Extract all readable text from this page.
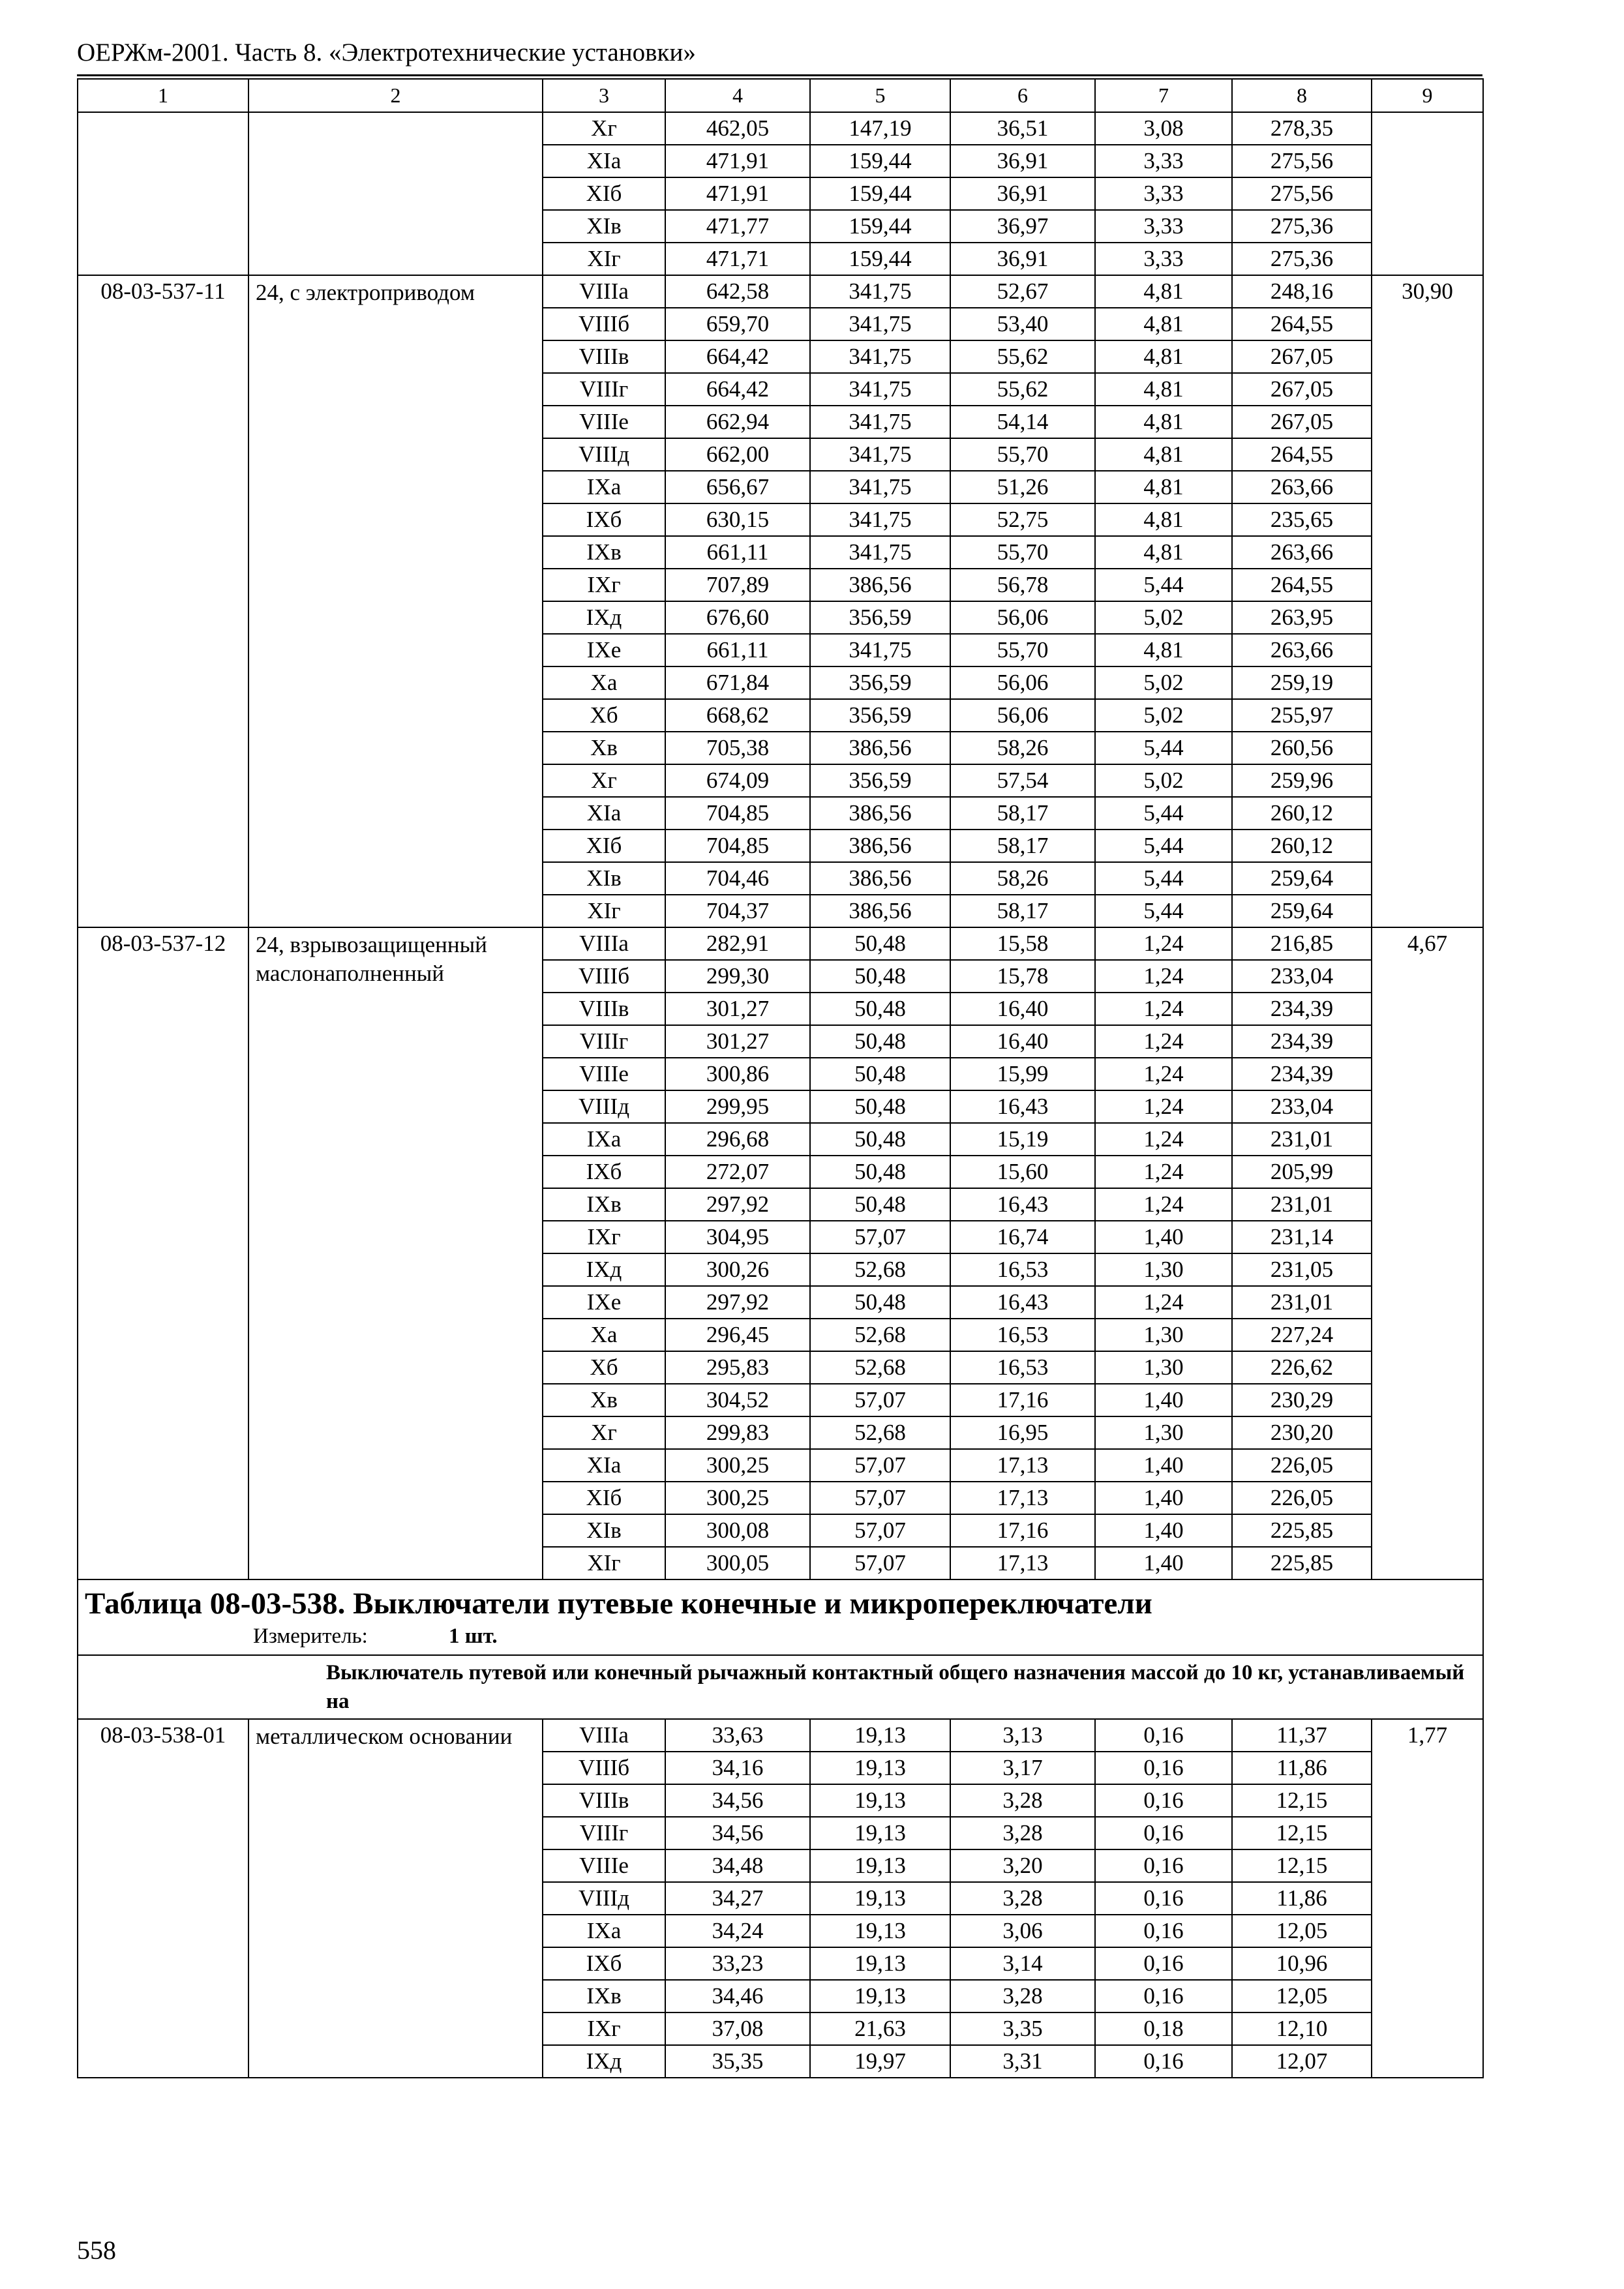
ОЕРЖм-2001. Часть 8. «Электротехнические установки»
1	2	3	4	5	6	7	8	9
		Xг	462,05	147,19	36,51	3,08	278,35	
		XIа	471,91	159,44	36,91	3,33	275,56	
		XIб	471,91	159,44	36,91	3,33	275,56	
		XIв	471,77	159,44	36,97	3,33	275,36	
		XIг	471,71	159,44	36,91	3,33	275,36	
08-03-537-11	24, с электроприводом	VIIIа	642,58	341,75	52,67	4,81	248,16	30,90
		VIIIб	659,70	341,75	53,40	4,81	264,55	
		VIIIв	664,42	341,75	55,62	4,81	267,05	
		VIIIг	664,42	341,75	55,62	4,81	267,05	
		VIIIе	662,94	341,75	54,14	4,81	267,05	
		VIIIд	662,00	341,75	55,70	4,81	264,55	
		IXа	656,67	341,75	51,26	4,81	263,66	
		IXб	630,15	341,75	52,75	4,81	235,65	
		IXв	661,11	341,75	55,70	4,81	263,66	
		IXг	707,89	386,56	56,78	5,44	264,55	
		IXд	676,60	356,59	56,06	5,02	263,95	
		IXе	661,11	341,75	55,70	4,81	263,66	
		Xа	671,84	356,59	56,06	5,02	259,19	
		Xб	668,62	356,59	56,06	5,02	255,97	
		Xв	705,38	386,56	58,26	5,44	260,56	
		Xг	674,09	356,59	57,54	5,02	259,96	
		XIа	704,85	386,56	58,17	5,44	260,12	
		XIб	704,85	386,56	58,17	5,44	260,12	
		XIв	704,46	386,56	58,26	5,44	259,64	
		XIг	704,37	386,56	58,17	5,44	259,64	
08-03-537-12	24, взрывозащищенный маслонаполненный	VIIIа	282,91	50,48	15,58	1,24	216,85	4,67
		VIIIб	299,30	50,48	15,78	1,24	233,04	
		VIIIв	301,27	50,48	16,40	1,24	234,39	
		VIIIг	301,27	50,48	16,40	1,24	234,39	
		VIIIе	300,86	50,48	15,99	1,24	234,39	
		VIIIд	299,95	50,48	16,43	1,24	233,04	
		IXа	296,68	50,48	15,19	1,24	231,01	
		IXб	272,07	50,48	15,60	1,24	205,99	
		IXв	297,92	50,48	16,43	1,24	231,01	
		IXг	304,95	57,07	16,74	1,40	231,14	
		IXд	300,26	52,68	16,53	1,30	231,05	
		IXе	297,92	50,48	16,43	1,24	231,01	
		Xа	296,45	52,68	16,53	1,30	227,24	
		Xб	295,83	52,68	16,53	1,30	226,62	
		Xв	304,52	57,07	17,16	1,40	230,29	
		Xг	299,83	52,68	16,95	1,30	230,20	
		XIа	300,25	57,07	17,13	1,40	226,05	
		XIб	300,25	57,07	17,13	1,40	226,05	
		XIв	300,08	57,07	17,16	1,40	225,85	
		XIг	300,05	57,07	17,13	1,40	225,85	

Таблица 08-03-538. Выключатели путевые конечные и микропереключатели
Измеритель: 1 шт.								

Выключатель путевой или конечный рычажный контактный общего назначения массой до 10 кг, устанавливаемый на								
08-03-538-01	металлическом основании	VIIIа	33,63	19,13	3,13	0,16	11,37	1,77
		VIIIб	34,16	19,13	3,17	0,16	11,86	
		VIIIв	34,56	19,13	3,28	0,16	12,15	
		VIIIг	34,56	19,13	3,28	0,16	12,15	
		VIIIе	34,48	19,13	3,20	0,16	12,15	
		VIIIд	34,27	19,13	3,28	0,16	11,86	
		IXа	34,24	19,13	3,06	0,16	12,05	
		IXб	33,23	19,13	3,14	0,16	10,96	
		IXв	34,46	19,13	3,28	0,16	12,05	
		IXг	37,08	21,63	3,35	0,18	12,10	
		IXд	35,35	19,97	3,31	0,16	12,07	
558
